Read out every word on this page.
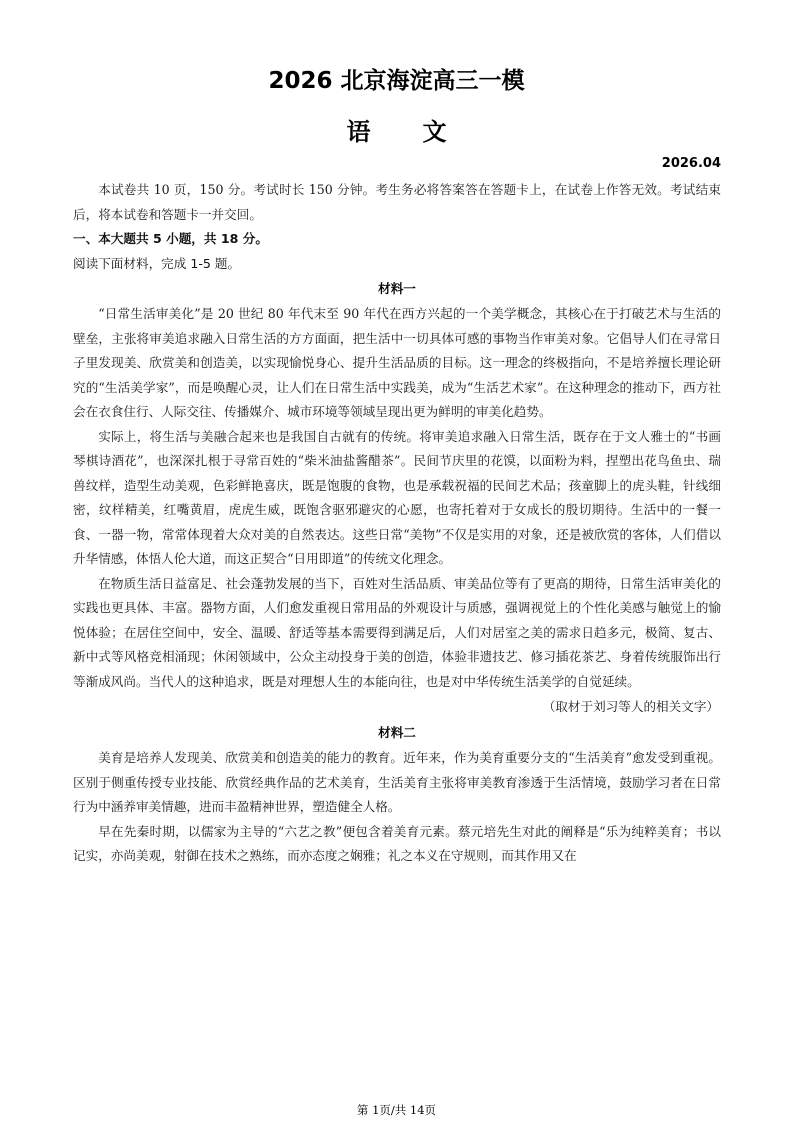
2026 北京海淀高三一模
语文
2026.04

本试卷共 10 页，150 分。考试时长 150 分钟。考生务必将答案答在答题卡上，在试卷上作答无效。考试结束后，将本试卷和答题卡一并交回。

一、本大题共 5 小题，共 18 分。

阅读下面材料，完成 1-5 题。

材料一

“日常生活审美化”是 20 世纪 80 年代末至 90 年代在西方兴起的一个美学概念，其核心在于打破艺术与生活的壁垒，主张将审美追求融入日常生活的方方面面，把生活中一切具体可感的事物当作审美对象。它倡导人们在寻常日子里发现美、欣赏美和创造美，以实现愉悦身心、提升生活品质的目标。这一理念的终极指向，不是培养擅长理论研究的“生活美学家”，而是唤醒心灵，让人们在日常生活中实践美，成为“生活艺术家”。在这种理念的推动下，西方社会在衣食住行、人际交往、传播媒介、城市环境等领域呈现出更为鲜明的审美化趋势。

实际上，将生活与美融合起来也是我国自古就有的传统。将审美追求融入日常生活，既存在于文人雅士的“书画琴棋诗酒花”，也深深扎根于寻常百姓的“柴米油盐酱醋茶”。民间节庆里的花馍，以面粉为料，捏塑出花鸟鱼虫、瑞兽纹样，造型生动美观，色彩鲜艳喜庆，既是饱腹的食物，也是承载祝福的民间艺术品；孩童脚上的虎头鞋，针线细密，纹样精美，红嘴黄眉，虎虎生威，既饱含驱邪避灾的心愿，也寄托着对于女成长的殷切期待。生活中的一餐一食、一器一物，常常体现着大众对美的自然表达。这些日常“美物”不仅是实用的对象，还是被欣赏的客体，人们借以升华情感，体悟人伦大道，而这正契合“日用即道”的传统文化理念。

在物质生活日益富足、社会蓬勃发展的当下，百姓对生活品质、审美品位等有了更高的期待，日常生活审美化的实践也更具体、丰富。器物方面，人们愈发重视日常用品的外观设计与质感，强调视觉上的个性化美感与触觉上的愉悦体验；在居住空间中，安全、温暖、舒适等基本需要得到满足后，人们对居室之美的需求日趋多元，极简、复古、新中式等风格竞相涌现；休闲领域中，公众主动投身于美的创造，体验非遗技艺、修习插花茶艺、身着传统服饰出行等渐成风尚。当代人的这种追求，既是对理想人生的本能向往，也是对中华传统生活美学的自觉延续。

（取材于刘习等人的相关文字）

材料二

美育是培养人发现美、欣赏美和创造美的能力的教育。近年来，作为美育重要分支的“生活美育”愈发受到重视。区别于侧重传授专业技能、欣赏经典作品的艺术美育，生活美育主张将审美教育渗透于生活情境，鼓励学习者在日常行为中涵养审美情趣，进而丰盈精神世界，塑造健全人格。

早在先秦时期，以儒家为主导的“六艺之教”便包含着美育元素。蔡元培先生对此的阐释是“乐为纯粹美育；书以记实，亦尚美观，射御在技术之熟练，而亦态度之娴雅；礼之本义在守规则，而其作用又在

第 1页/共 14页
